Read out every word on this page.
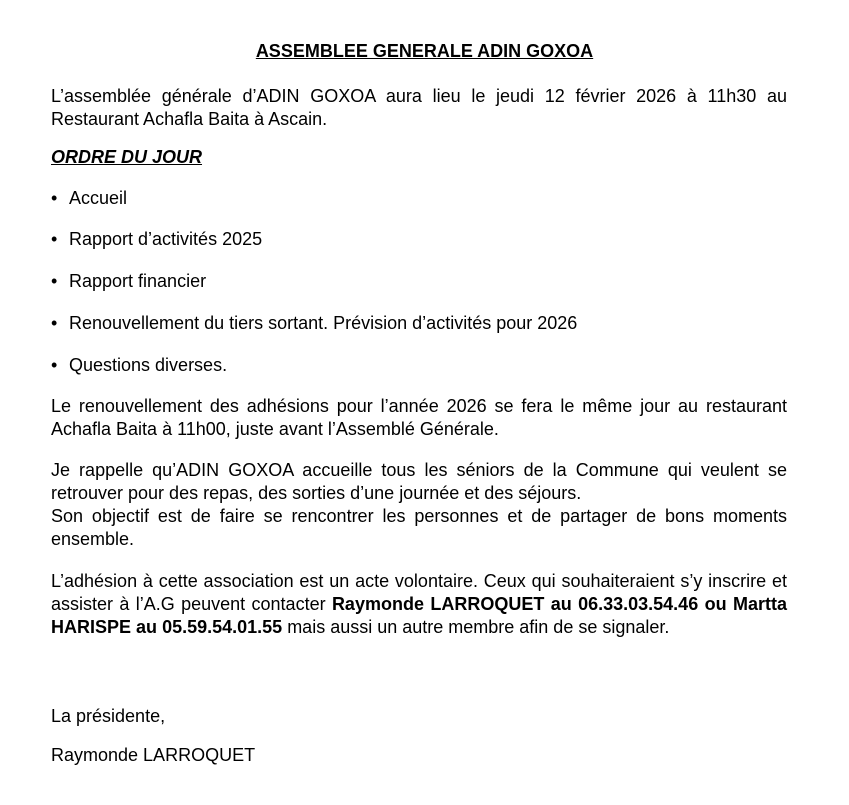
ASSEMBLEE GENERALE ADIN GOXOA

L’assemblée générale d’ADIN GOXOA aura lieu le jeudi 12 février 2026 à 11h30 au Restaurant Achafla Baita à Ascain.

ORDRE DU JOUR
• Accueil
• Rapport d’activités 2025
• Rapport financier
• Renouvellement du tiers sortant. Prévision d’activités pour 2026
• Questions diverses.

Le renouvellement des adhésions pour l’année 2026 se fera le même jour au restaurant Achafla Baita à 11h00, juste avant l’Assemblé Générale.

Je rappelle qu’ADIN GOXOA accueille tous les séniors de la Commune qui veulent se retrouver pour des repas, des sorties d’une journée et des séjours.

Son objectif est de faire se rencontrer les personnes et de partager de bons moments ensemble.

L’adhésion à cette association est un acte volontaire. Ceux qui souhaiteraient s’y inscrire et assister à l’A.G peuvent contacter Raymonde LARROQUET au 06.33.03.54.46 ou Martta HARISPE au 05.59.54.01.55 mais aussi un autre membre afin de se signaler.

La présidente,

Raymonde LARROQUET
